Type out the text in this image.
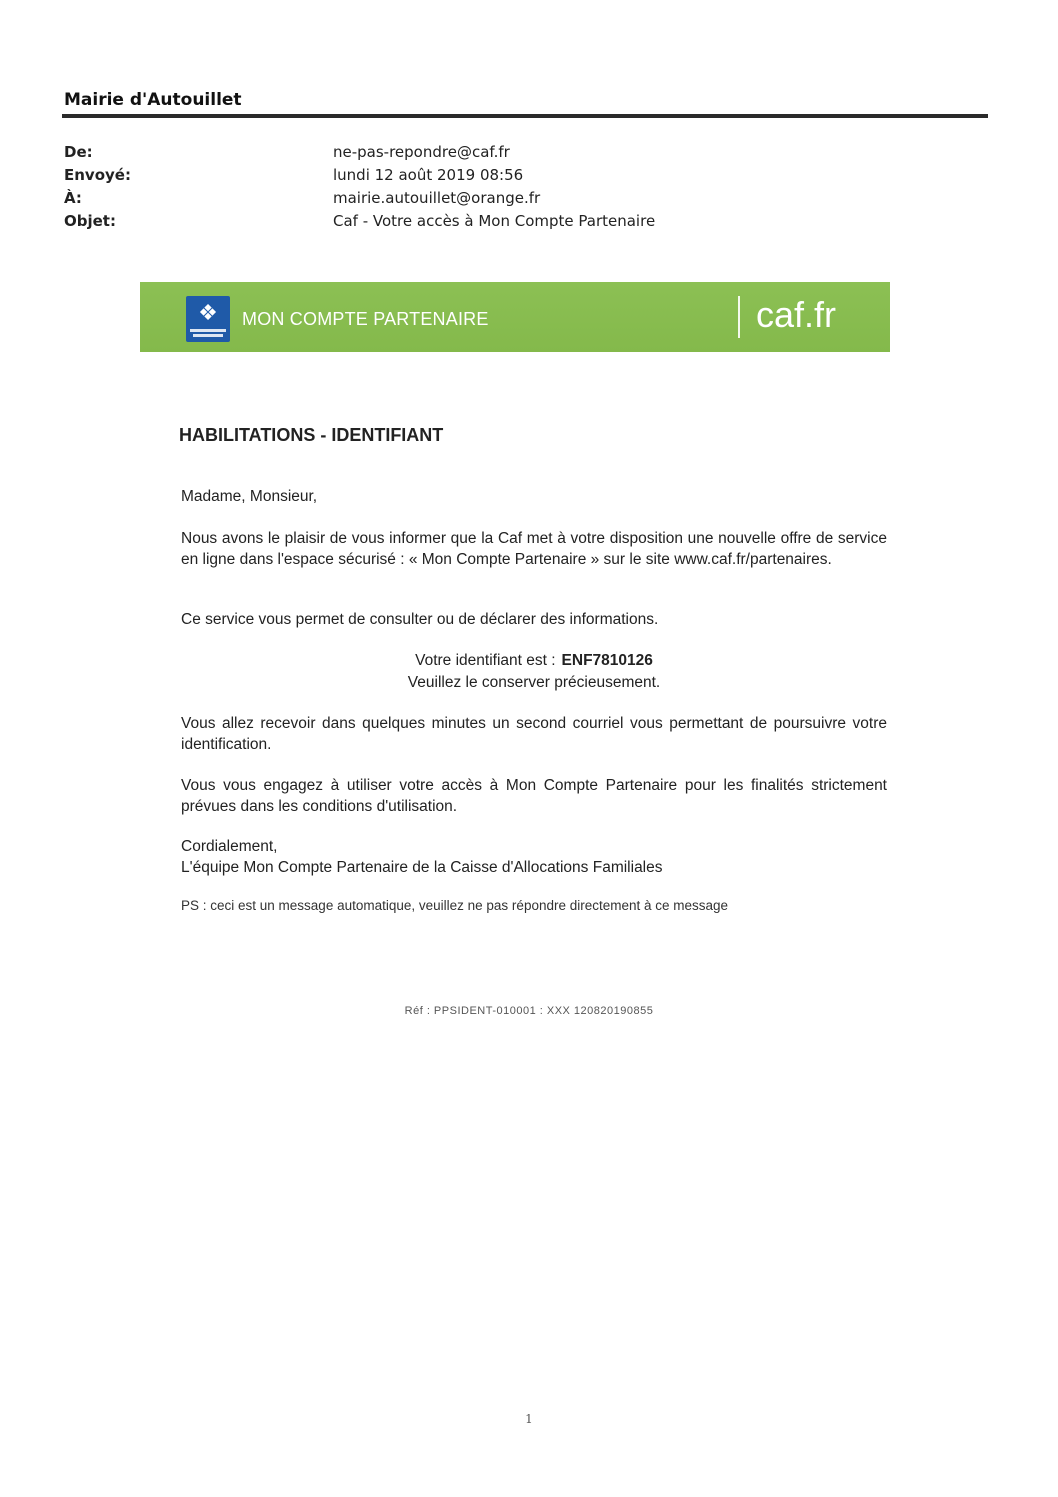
Mairie d'Autouillet
De:	ne-pas-repondre@caf.fr
Envoyé:	lundi 12 août 2019 08:56
À:	mairie.autouillet@orange.fr
Objet:	Caf - Votre accès à Mon Compte Partenaire
❖ MON COMPTE PARTENAIRE	caf.fr
HABILITATIONS - IDENTIFIANT
Madame, Monsieur,
Nous avons le plaisir de vous informer que la Caf met à votre disposition une nouvelle offre de service en ligne dans l'espace sécurisé : « Mon Compte Partenaire » sur le site www.caf.fr/partenaires.
Ce service vous permet de consulter ou de déclarer des informations.
Votre identifiant est : ENF7810126
Veuillez le conserver précieusement.
Vous allez recevoir dans quelques minutes un second courriel vous permettant de poursuivre votre identification.
Vous vous engagez à utiliser votre accès à Mon Compte Partenaire pour les finalités strictement prévues dans les conditions d'utilisation.
Cordialement,
L'équipe Mon Compte Partenaire de la Caisse d'Allocations Familiales
PS : ceci est un message automatique, veuillez ne pas répondre directement à ce message
Réf : PPSIDENT-010001 : XXX 120820190855
1
